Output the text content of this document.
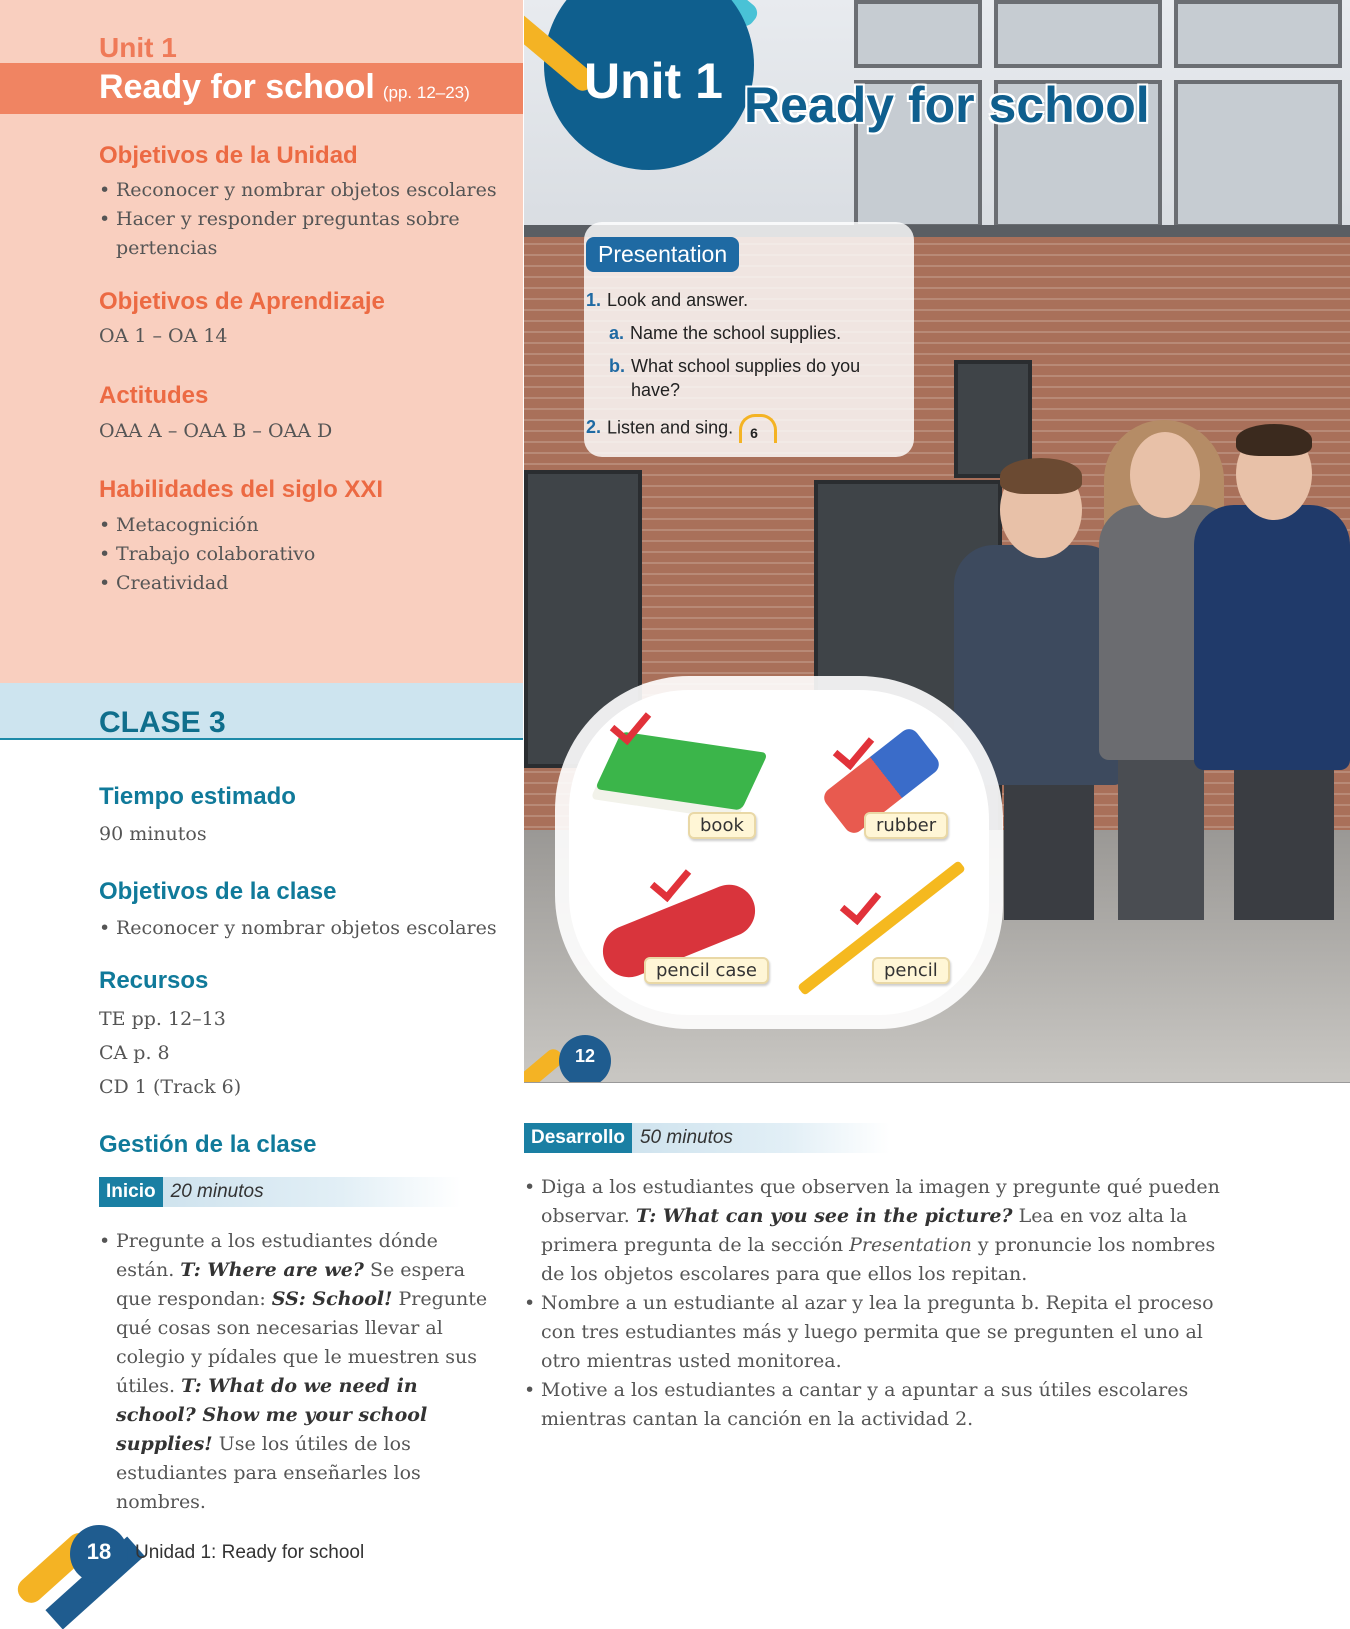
Unit 1
Ready for school (pp. 12–23)
Objetivos de la Unidad
• Reconocer y nombrar objetos escolares
• Hacer y responder preguntas sobre
pertencias
Objetivos de Aprendizaje
OA 1 – OA 14
Actitudes
OAA A – OAA B – OAA D
Habilidades del siglo XXI
• Metacognición
• Trabajo colaborativo
• Creatividad
CLASE 3
Tiempo estimado
90 minutos
Objetivos de la clase
• Reconocer y nombrar objetos escolares
Recursos
TE pp. 12–13
CA p. 8
CD 1 (Track 6)
Gestión de la clase
Inicio 20 minutos
• Pregunte a los estudiantes dónde están. T: Where are we? Se espera que respondan: SS: School! Pregunte qué cosas son necesarias llevar al colegio y pídales que le muestren sus útiles. T: What do we need in school? Show me your school supplies! Use los útiles de los estudiantes para enseñarles los nombres.
Unit 1 Ready for school
Presentation
1. Look and answer.
a. Name the school supplies.
b. What school supplies do you have?
2. Listen and sing. 6
book	rubber
pencil case	pencil
12
Desarrollo 50 minutos
• Diga a los estudiantes que observen la imagen y pregunte qué pueden observar. T: What can you see in the picture? Lea en voz alta la primera pregunta de la sección Presentation y pronuncie los nombres de los objetos escolares para que ellos los repitan.
• Nombre a un estudiante al azar y lea la pregunta b. Repita el proceso con tres estudiantes más y luego permita que se pregunten el uno al otro mientras usted monitorea.
• Motive a los estudiantes a cantar y a apuntar a sus útiles escolares mientras cantan la canción en la actividad 2.
18	Unidad 1: Ready for school
